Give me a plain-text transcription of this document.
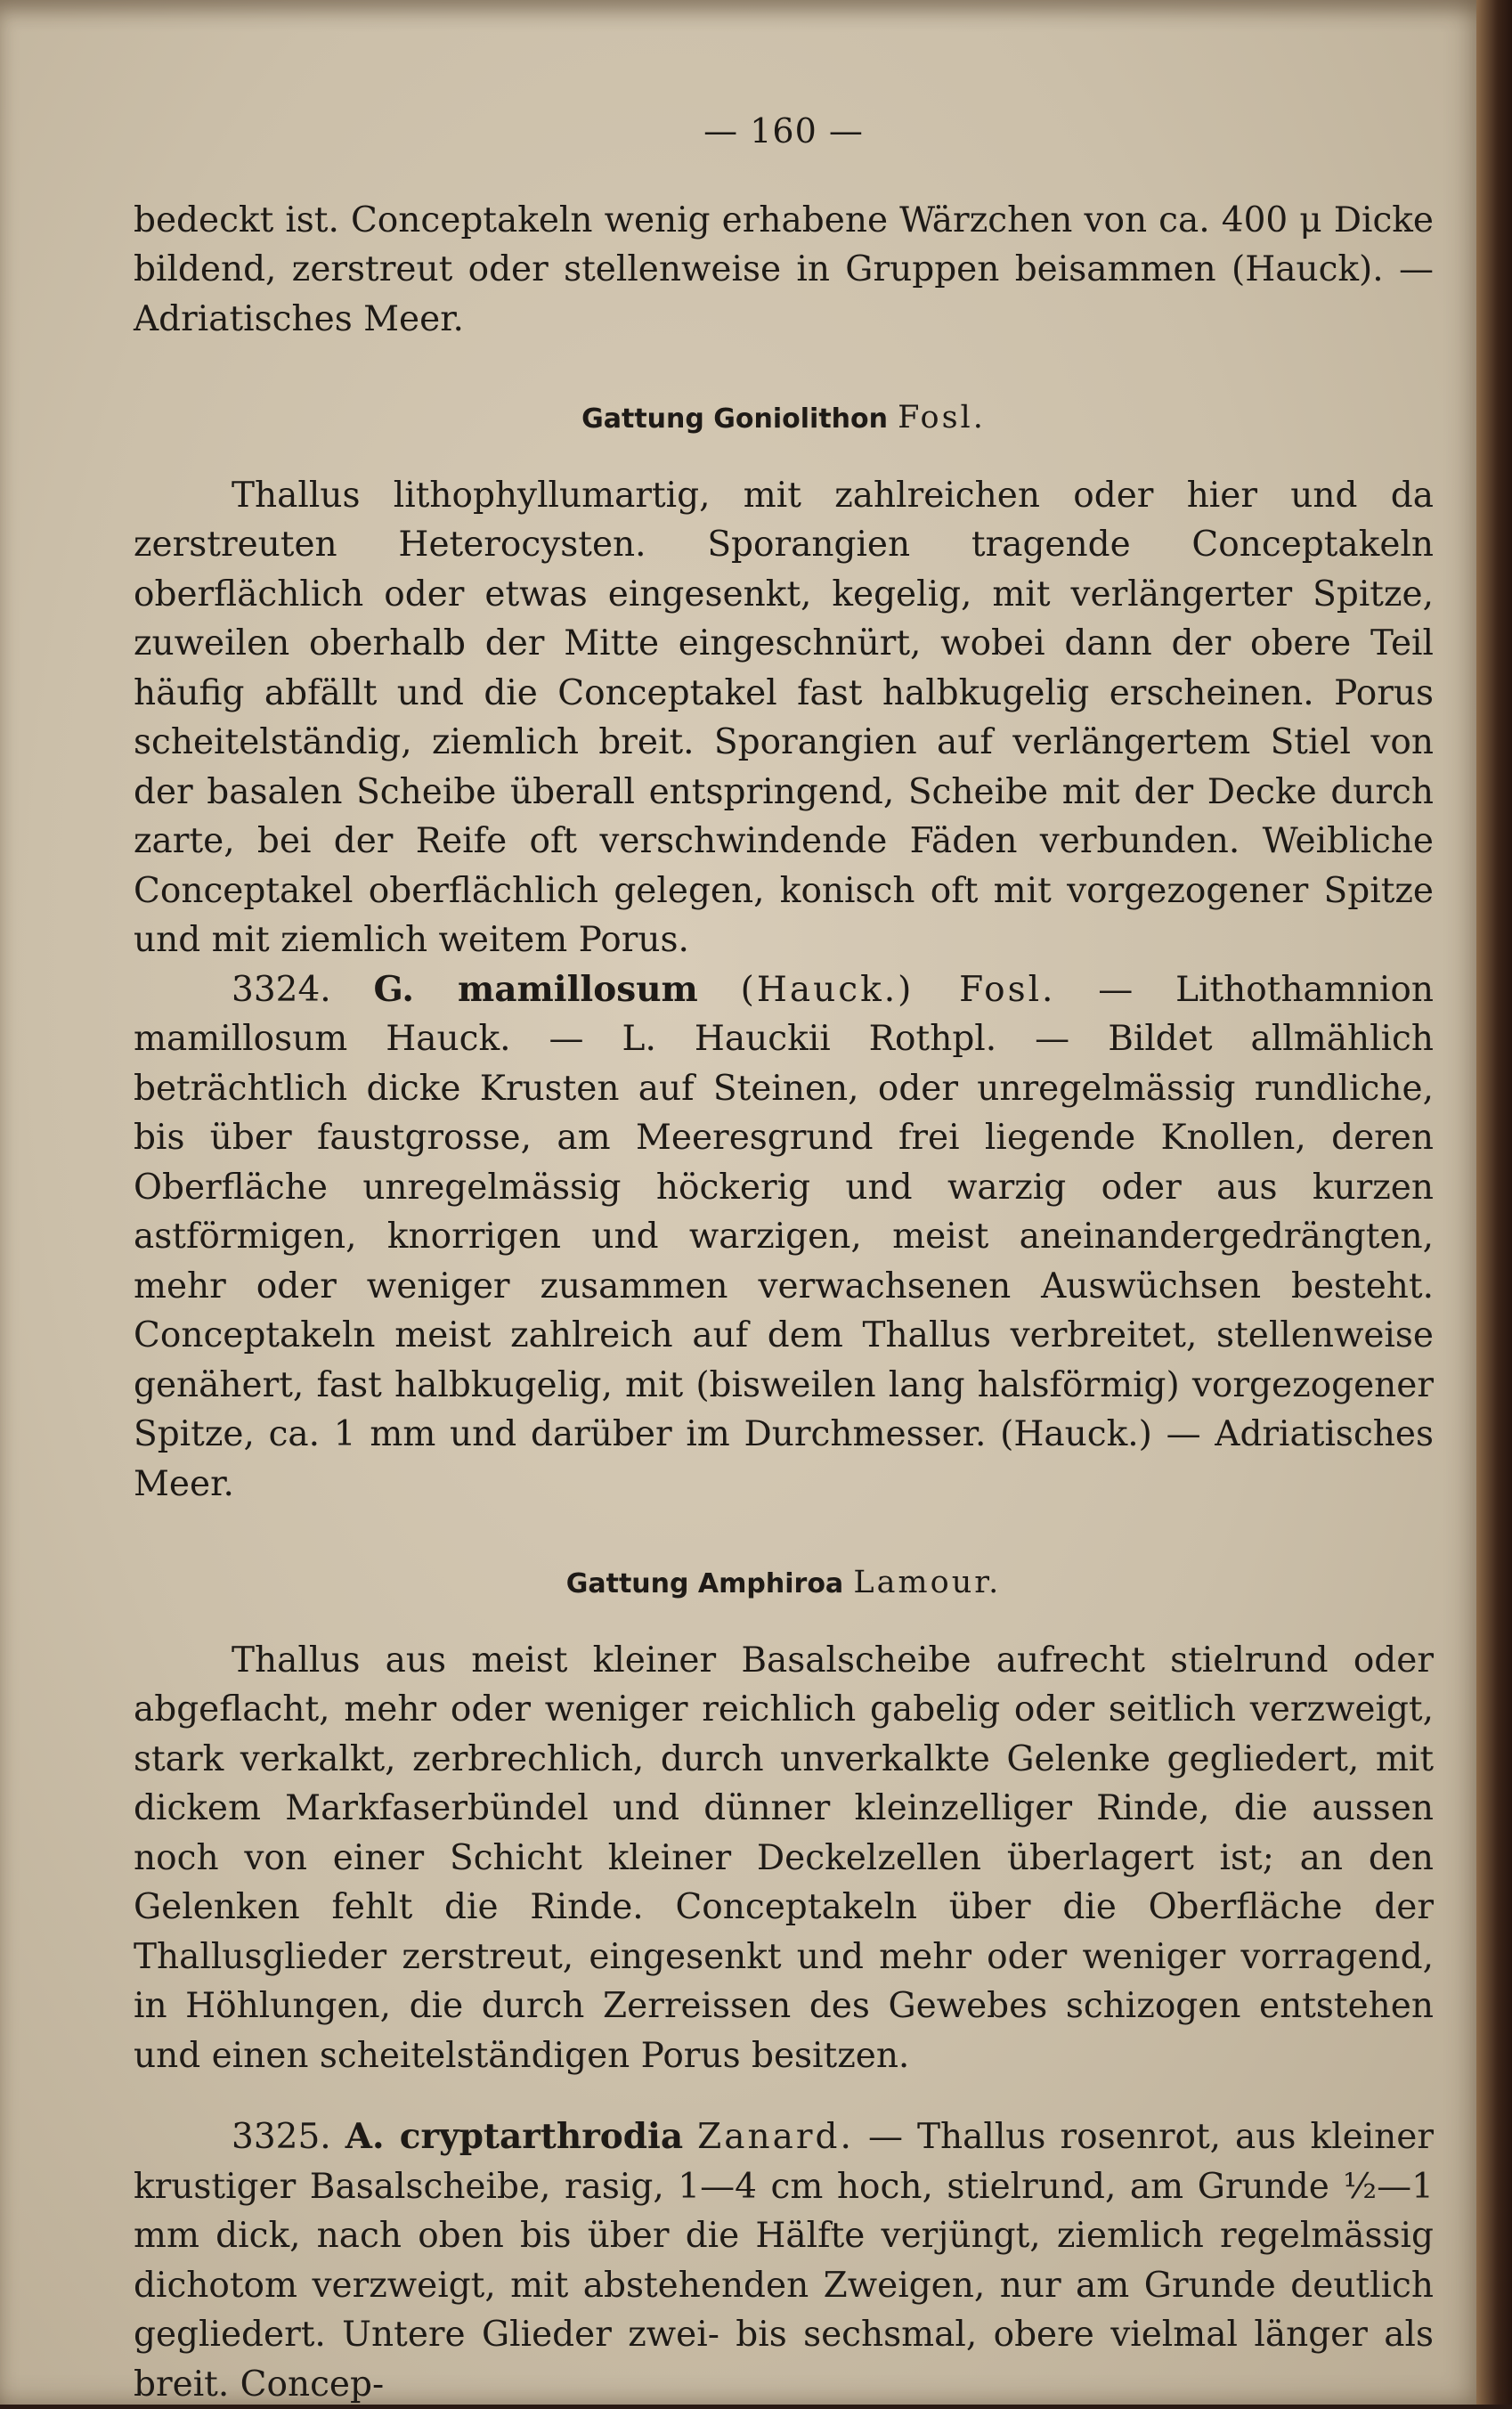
— 160 —

bedeckt ist. Conceptakeln wenig erhabene Wärzchen von ca. 400 μ Dicke bildend, zerstreut oder stellenweise in Gruppen beisammen (Hauck). — Adriatisches Meer.

Gattung Goniolithon Fosl.

Thallus lithophyllumartig, mit zahlreichen oder hier und da zerstreuten Heterocysten. Sporangien tragende Conceptakeln oberflächlich oder etwas eingesenkt, kegelig, mit verlängerter Spitze, zuweilen oberhalb der Mitte eingeschnürt, wobei dann der obere Teil häufig abfällt und die Conceptakel fast halbkugelig erscheinen. Porus scheitelständig, ziemlich breit. Sporangien auf verlängertem Stiel von der basalen Scheibe überall entspringend, Scheibe mit der Decke durch zarte, bei der Reife oft verschwindende Fäden verbunden. Weibliche Conceptakel oberflächlich gelegen, konisch oft mit vorgezogener Spitze und mit ziemlich weitem Porus.

3324. G. mamillosum (Hauck.) Fosl. — Lithothamnion mamillosum Hauck. — L. Hauckii Rothpl. — Bildet allmählich beträchtlich dicke Krusten auf Steinen, oder unregelmässig rundliche, bis über faustgrosse, am Meeresgrund frei liegende Knollen, deren Oberfläche unregelmässig höckerig und warzig oder aus kurzen astförmigen, knorrigen und warzigen, meist aneinandergedrängten, mehr oder weniger zusammen verwachsenen Auswüchsen besteht. Conceptakeln meist zahlreich auf dem Thallus verbreitet, stellenweise genähert, fast halbkugelig, mit (bisweilen lang halsförmig) vorgezogener Spitze, ca. 1 mm und darüber im Durchmesser. (Hauck.) — Adriatisches Meer.

Gattung Amphiroa Lamour.

Thallus aus meist kleiner Basalscheibe aufrecht stielrund oder abgeflacht, mehr oder weniger reichlich gabelig oder seitlich verzweigt, stark verkalkt, zerbrechlich, durch unverkalkte Gelenke gegliedert, mit dickem Markfaserbündel und dünner kleinzelliger Rinde, die aussen noch von einer Schicht kleiner Deckelzellen überlagert ist; an den Gelenken fehlt die Rinde. Conceptakeln über die Oberfläche der Thallusglieder zerstreut, eingesenkt und mehr oder weniger vorragend, in Höhlungen, die durch Zerreissen des Gewebes schizogen entstehen und einen scheitelständigen Porus besitzen.

3325. A. cryptarthrodia Zanard. — Thallus rosenrot, aus kleiner krustiger Basalscheibe, rasig, 1—4 cm hoch, stielrund, am Grunde ½—1 mm dick, nach oben bis über die Hälfte verjüngt, ziemlich regelmässig dichotom verzweigt, mit abstehenden Zweigen, nur am Grunde deutlich gegliedert. Untere Glieder zwei- bis sechsmal, obere vielmal länger als breit. Concep-
